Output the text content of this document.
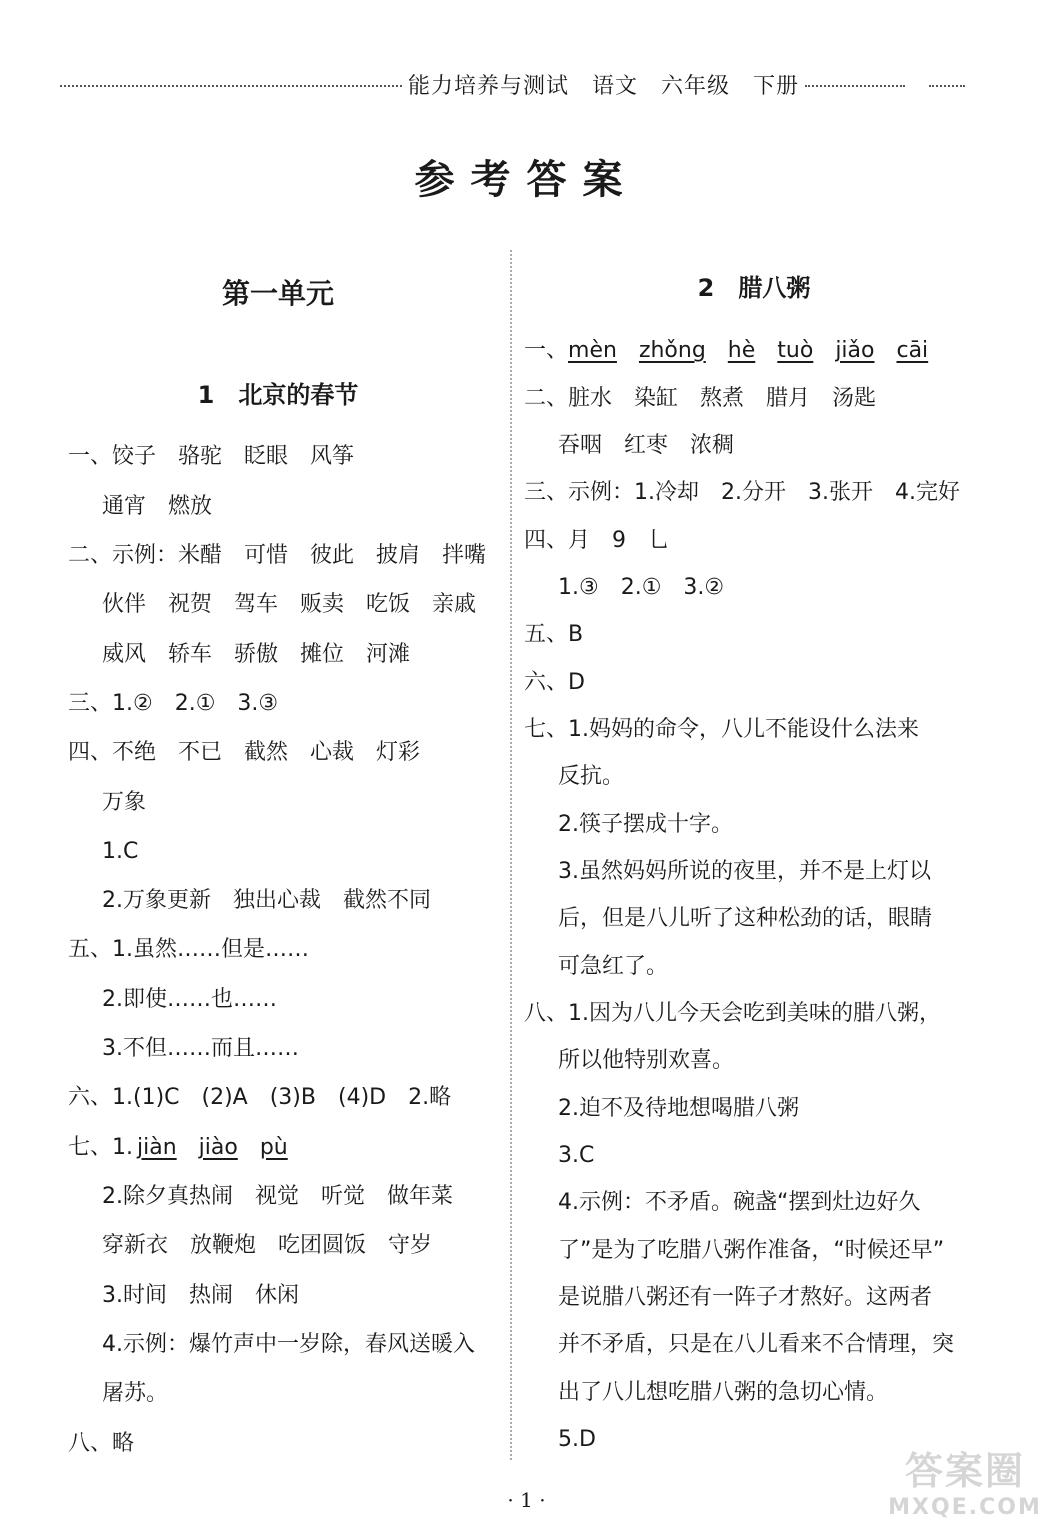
能力培养与测试　语文　六年级　下册
参考答案
第一单元
1　北京的春节
一、饺子　骆驼　眨眼　风筝
通宵　燃放
二、示例：米醋　可惜　彼此　披肩　拌嘴
伙伴　祝贺　驾车　贩卖　吃饭　亲戚
威风　轿车　骄傲　摊位　河滩
三、1.②　2.①　3.③
四、不绝　不已　截然　心裁　灯彩
万象
1.C
2.万象更新　独出心裁　截然不同
五、1.虽然……但是……
2.即使……也……
3.不但……而且……
六、1.(1)C　(2)A　(3)B　(4)D　2.略
七、1. jiàn jiào pù
2.除夕真热闹　视觉　听觉　做年菜
穿新衣　放鞭炮　吃团圆饭　守岁
3.时间　热闹　休闲
4.示例：爆竹声中一岁除，春风送暖入
屠苏。
八、略
2　腊八粥
一、mèn zhǒng hè tuò jiǎo cāi
二、脏水　染缸　熬煮　腊月　汤匙
吞咽　红枣　浓稠
三、示例：1.冷却　2.分开　3.张开　4.完好
四、月　9　乚
1.③　2.①　3.②
五、B
六、D
七、1.妈妈的命令，八儿不能设什么法来
反抗。
2.筷子摆成十字。
3.虽然妈妈所说的夜里，并不是上灯以
后，但是八儿听了这种松劲的话，眼睛
可急红了。
八、1.因为八儿今天会吃到美味的腊八粥，
所以他特别欢喜。
2.迫不及待地想喝腊八粥
3.C
4.示例：不矛盾。碗盏“摆到灶边好久
了”是为了吃腊八粥作准备，“时候还早”
是说腊八粥还有一阵子才熬好。这两者
并不矛盾，只是在八儿看来不合情理，突
出了八儿想吃腊八粥的急切心情。
5.D
· 1 ·
答案圈
MXQE.COM
